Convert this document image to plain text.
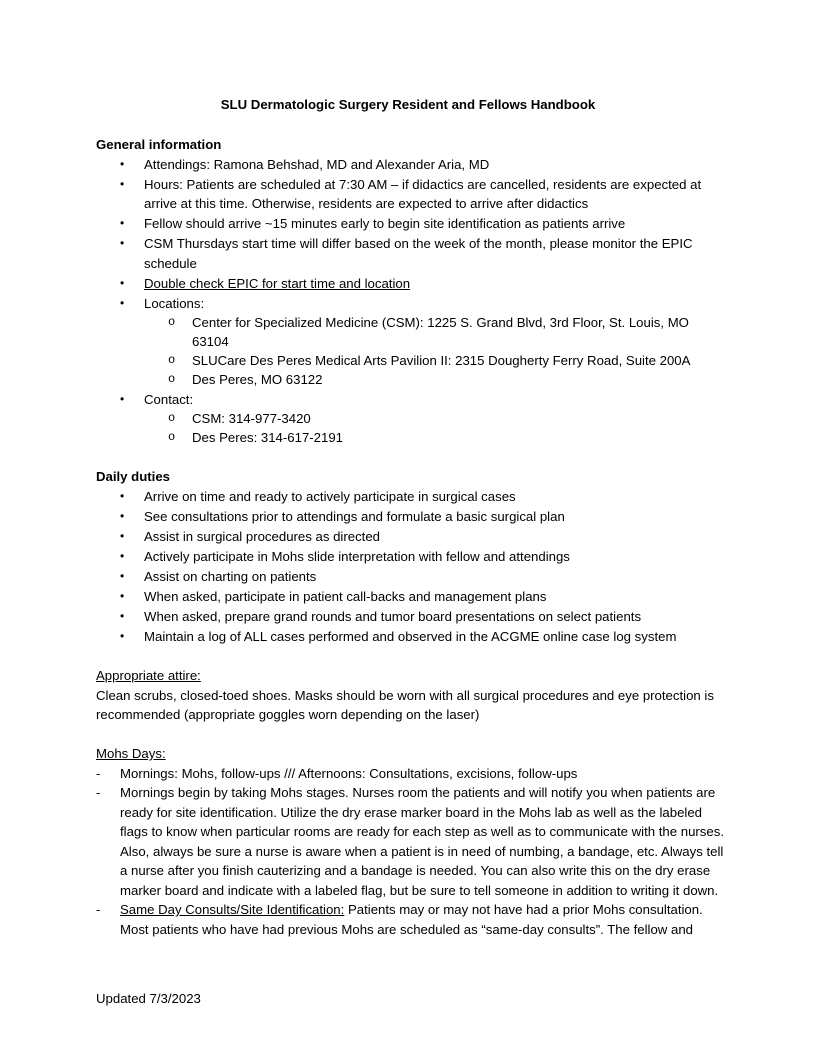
SLU Dermatologic Surgery Resident and Fellows Handbook

General information

• Attendings: Ramona Behshad, MD and Alexander Aria, MD
• Hours: Patients are scheduled at 7:30 AM – if didactics are cancelled, residents are expected at arrive at this time. Otherwise, residents are expected to arrive after didactics
• Fellow should arrive ~15 minutes early to begin site identification as patients arrive
• CSM Thursdays start time will differ based on the week of the month, please monitor the EPIC schedule
• Double check EPIC for start time and location
• Locations:
o Center for Specialized Medicine (CSM): 1225 S. Grand Blvd, 3rd Floor, St. Louis, MO 63104
o SLUCare Des Peres Medical Arts Pavilion II: 2315 Dougherty Ferry Road, Suite 200A
o Des Peres, MO 63122
• Contact:
o CSM: 314-977-3420
o Des Peres: 314-617-2191

Daily duties

• Arrive on time and ready to actively participate in surgical cases
• See consultations prior to attendings and formulate a basic surgical plan
• Assist in surgical procedures as directed
• Actively participate in Mohs slide interpretation with fellow and attendings
• Assist on charting on patients
• When asked, participate in patient call-backs and management plans
• When asked, prepare grand rounds and tumor board presentations on select patients
• Maintain a log of ALL cases performed and observed in the ACGME online case log system

Appropriate attire:

Clean scrubs, closed-toed shoes. Masks should be worn with all surgical procedures and eye protection is recommended (appropriate goggles worn depending on the laser)

Mohs Days:

- Mornings: Mohs, follow-ups /// Afternoons: Consultations, excisions, follow-ups
- Mornings begin by taking Mohs stages. Nurses room the patients and will notify you when patients are ready for site identification. Utilize the dry erase marker board in the Mohs lab as well as the labeled flags to know when particular rooms are ready for each step as well as to communicate with the nurses. Also, always be sure a nurse is aware when a patient is in need of numbing, a bandage, etc. Always tell a nurse after you finish cauterizing and a bandage is needed. You can also write this on the dry erase marker board and indicate with a labeled flag, but be sure to tell someone in addition to writing it down.
- Same Day Consults/Site Identification: Patients may or may not have had a prior Mohs consultation. Most patients who have had previous Mohs are scheduled as “same-day consults”. The fellow and

Updated 7/3/2023
